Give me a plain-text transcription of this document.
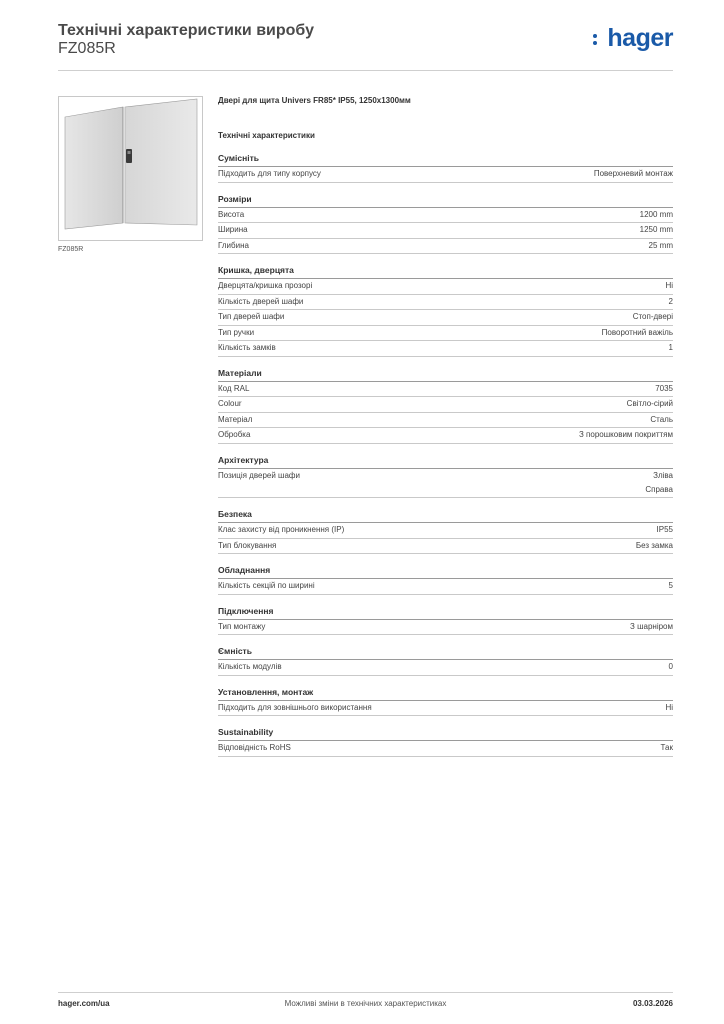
Технічні характеристики виробу
FZ085R	hager
FZ085R
Двері для щита Univers FR85* IP55, 1250x1300мм
Технічні характеристики
Сумісніть
Підходить для типу корпусу	Поверхневий монтаж
Розміри
Висота	1200 mm
Ширина	1250 mm
Глибина	25 mm
Кришка, дверцята
Дверцята/кришка прозорі	Ні
Кількість дверей шафи	2
Тип дверей шафи	Стоп-двері
Тип ручки	Поворотний важіль
Кількість замків	1
Матеріали
Код RAL	7035
Colour	Світло-сірий
Матеріал	Сталь
Обробка	З порошковим покриттям
Архітектура
Позиція дверей шафи	Зліва
Справа
Безпека
Клас захисту від проникнення (IP)	IP55
Тип блокування	Без замка
Обладнання
Кількість секцій по ширині	5
Підключення
Тип монтажу	З шарніром
Ємність
Кількість модулів	0
Установлення, монтаж
Підходить для зовнішнього використання	Ні
Sustainability
Відповідність RoHS	Так
hager.com/ua	Можливі зміни в технічних характеристиках	03.03.2026
